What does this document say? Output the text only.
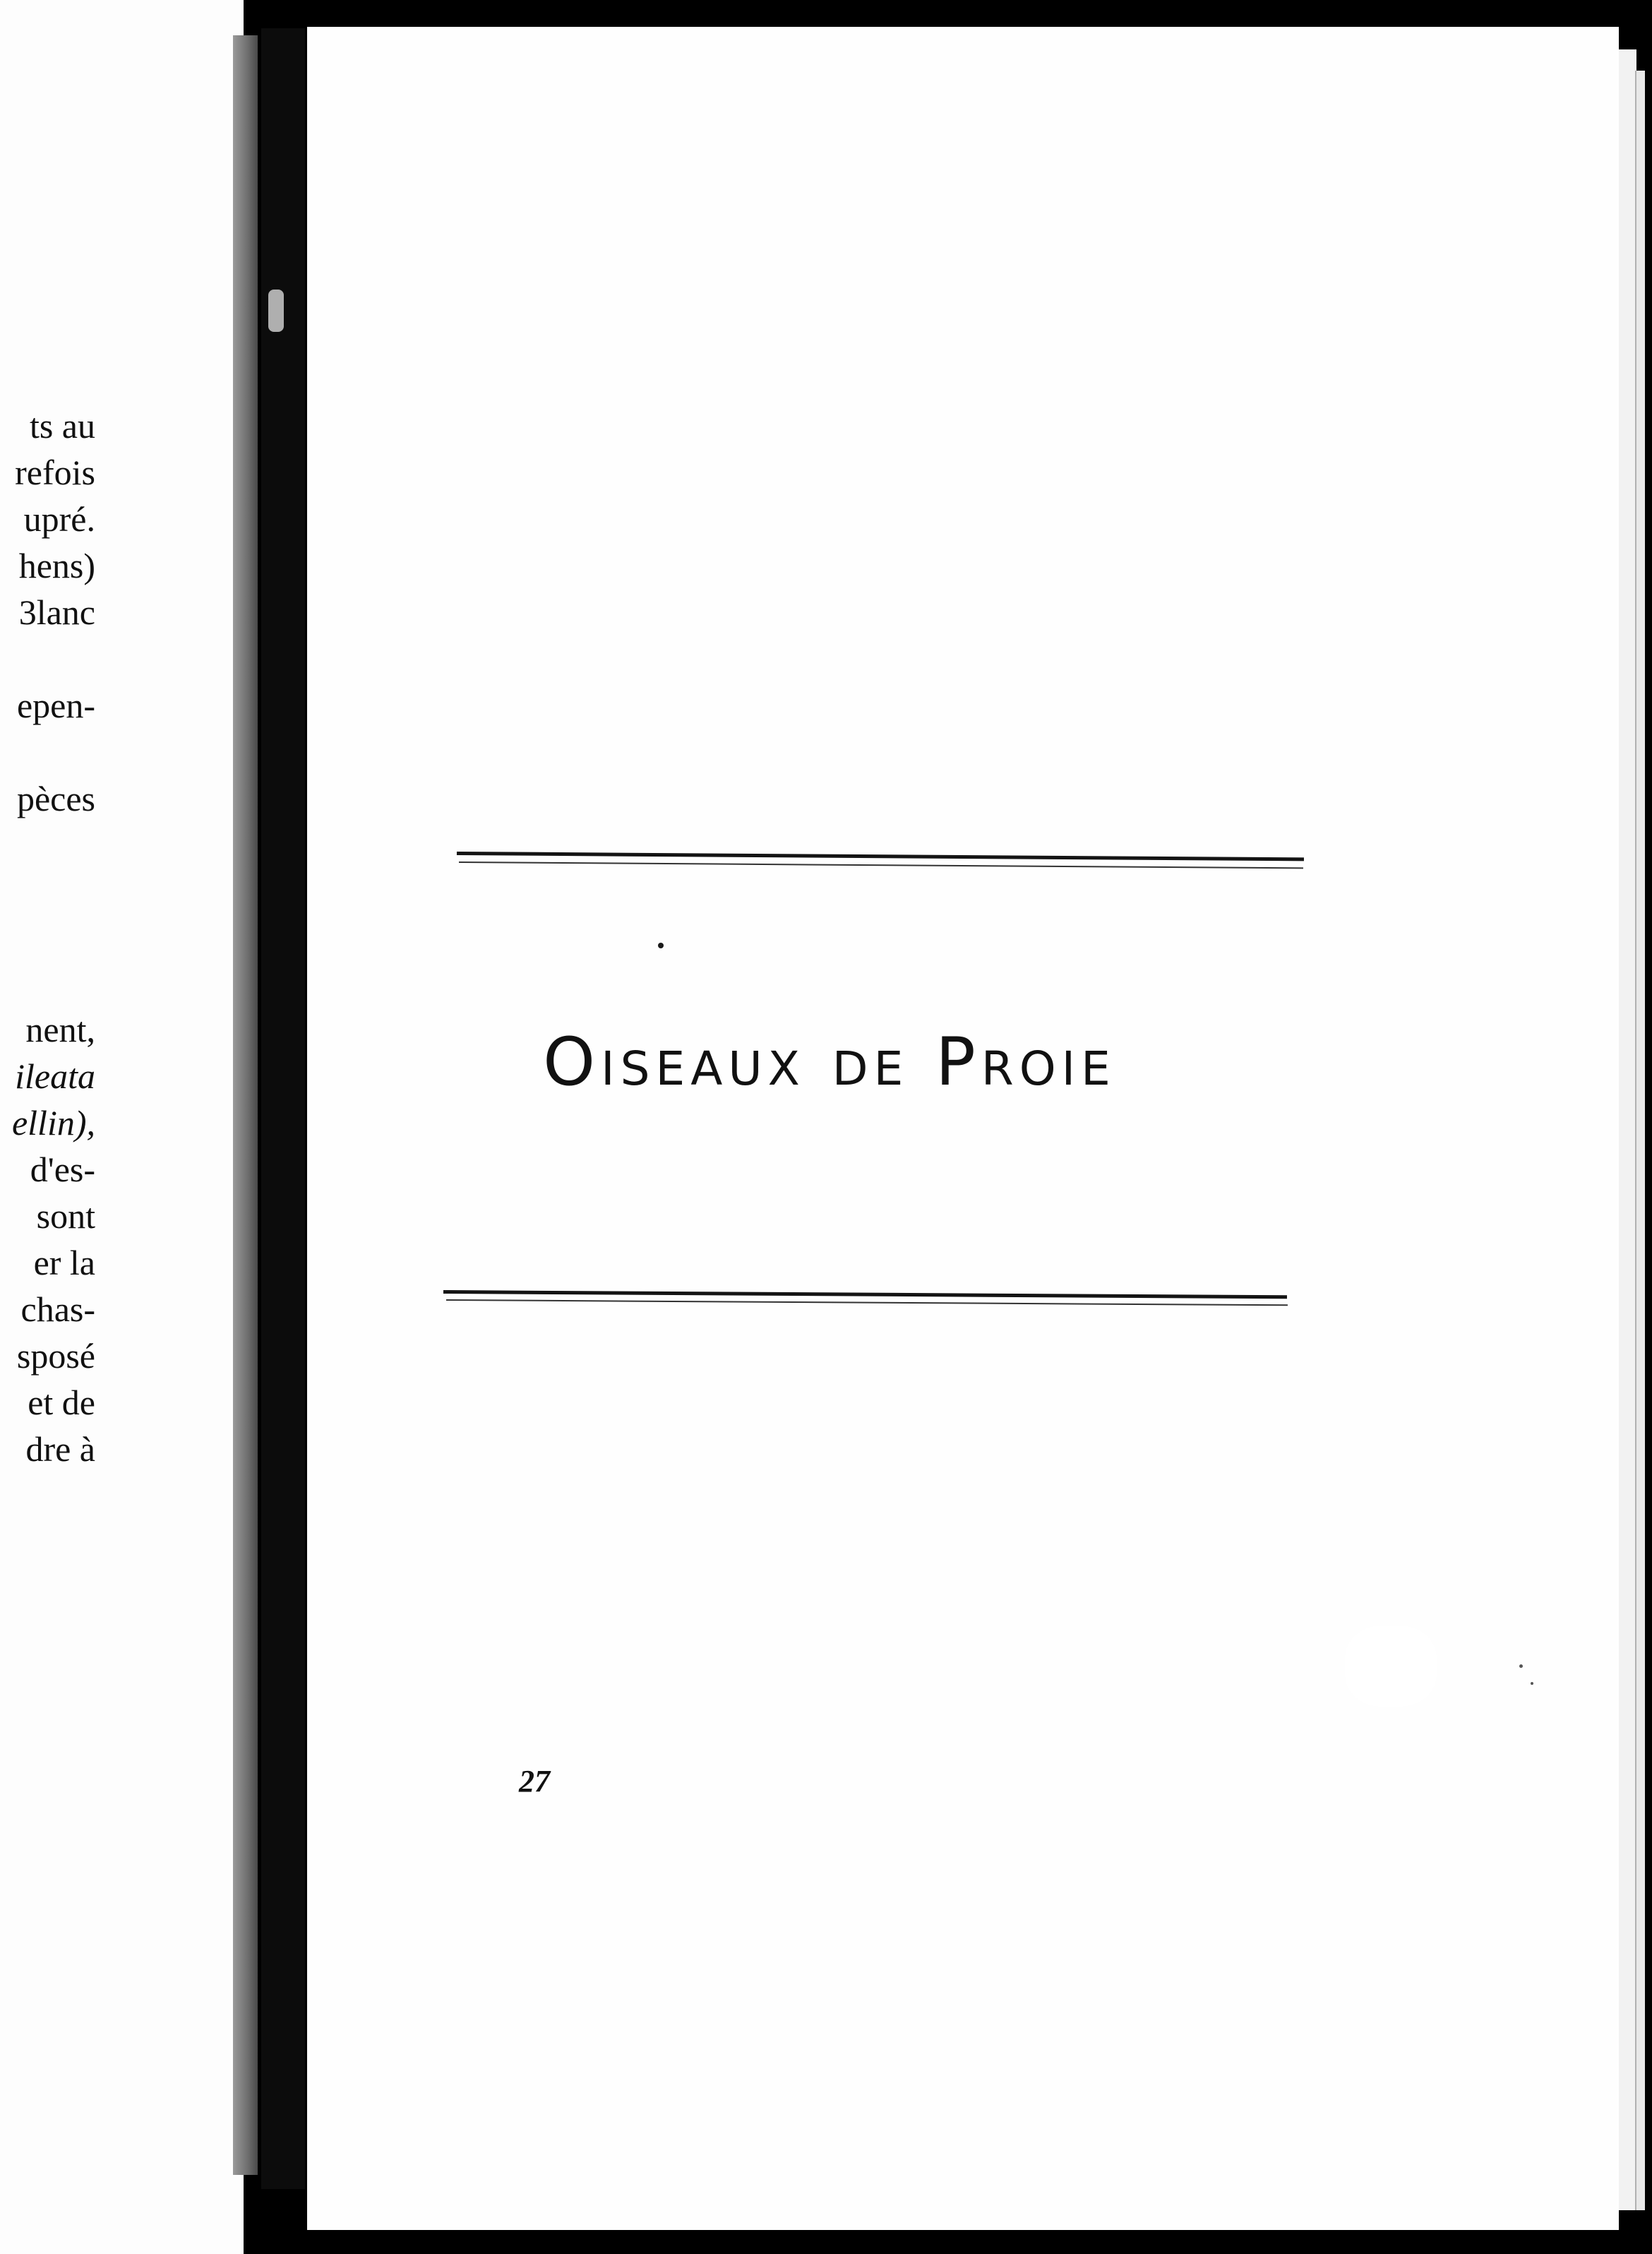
ts au
refois
upré.
hens)
3lanc
epen-
pèces
nent,
ileata
ellin),
d'es-
sont
er la
chas-
sposé
et de
dre à
Oiseaux de Proie
27
